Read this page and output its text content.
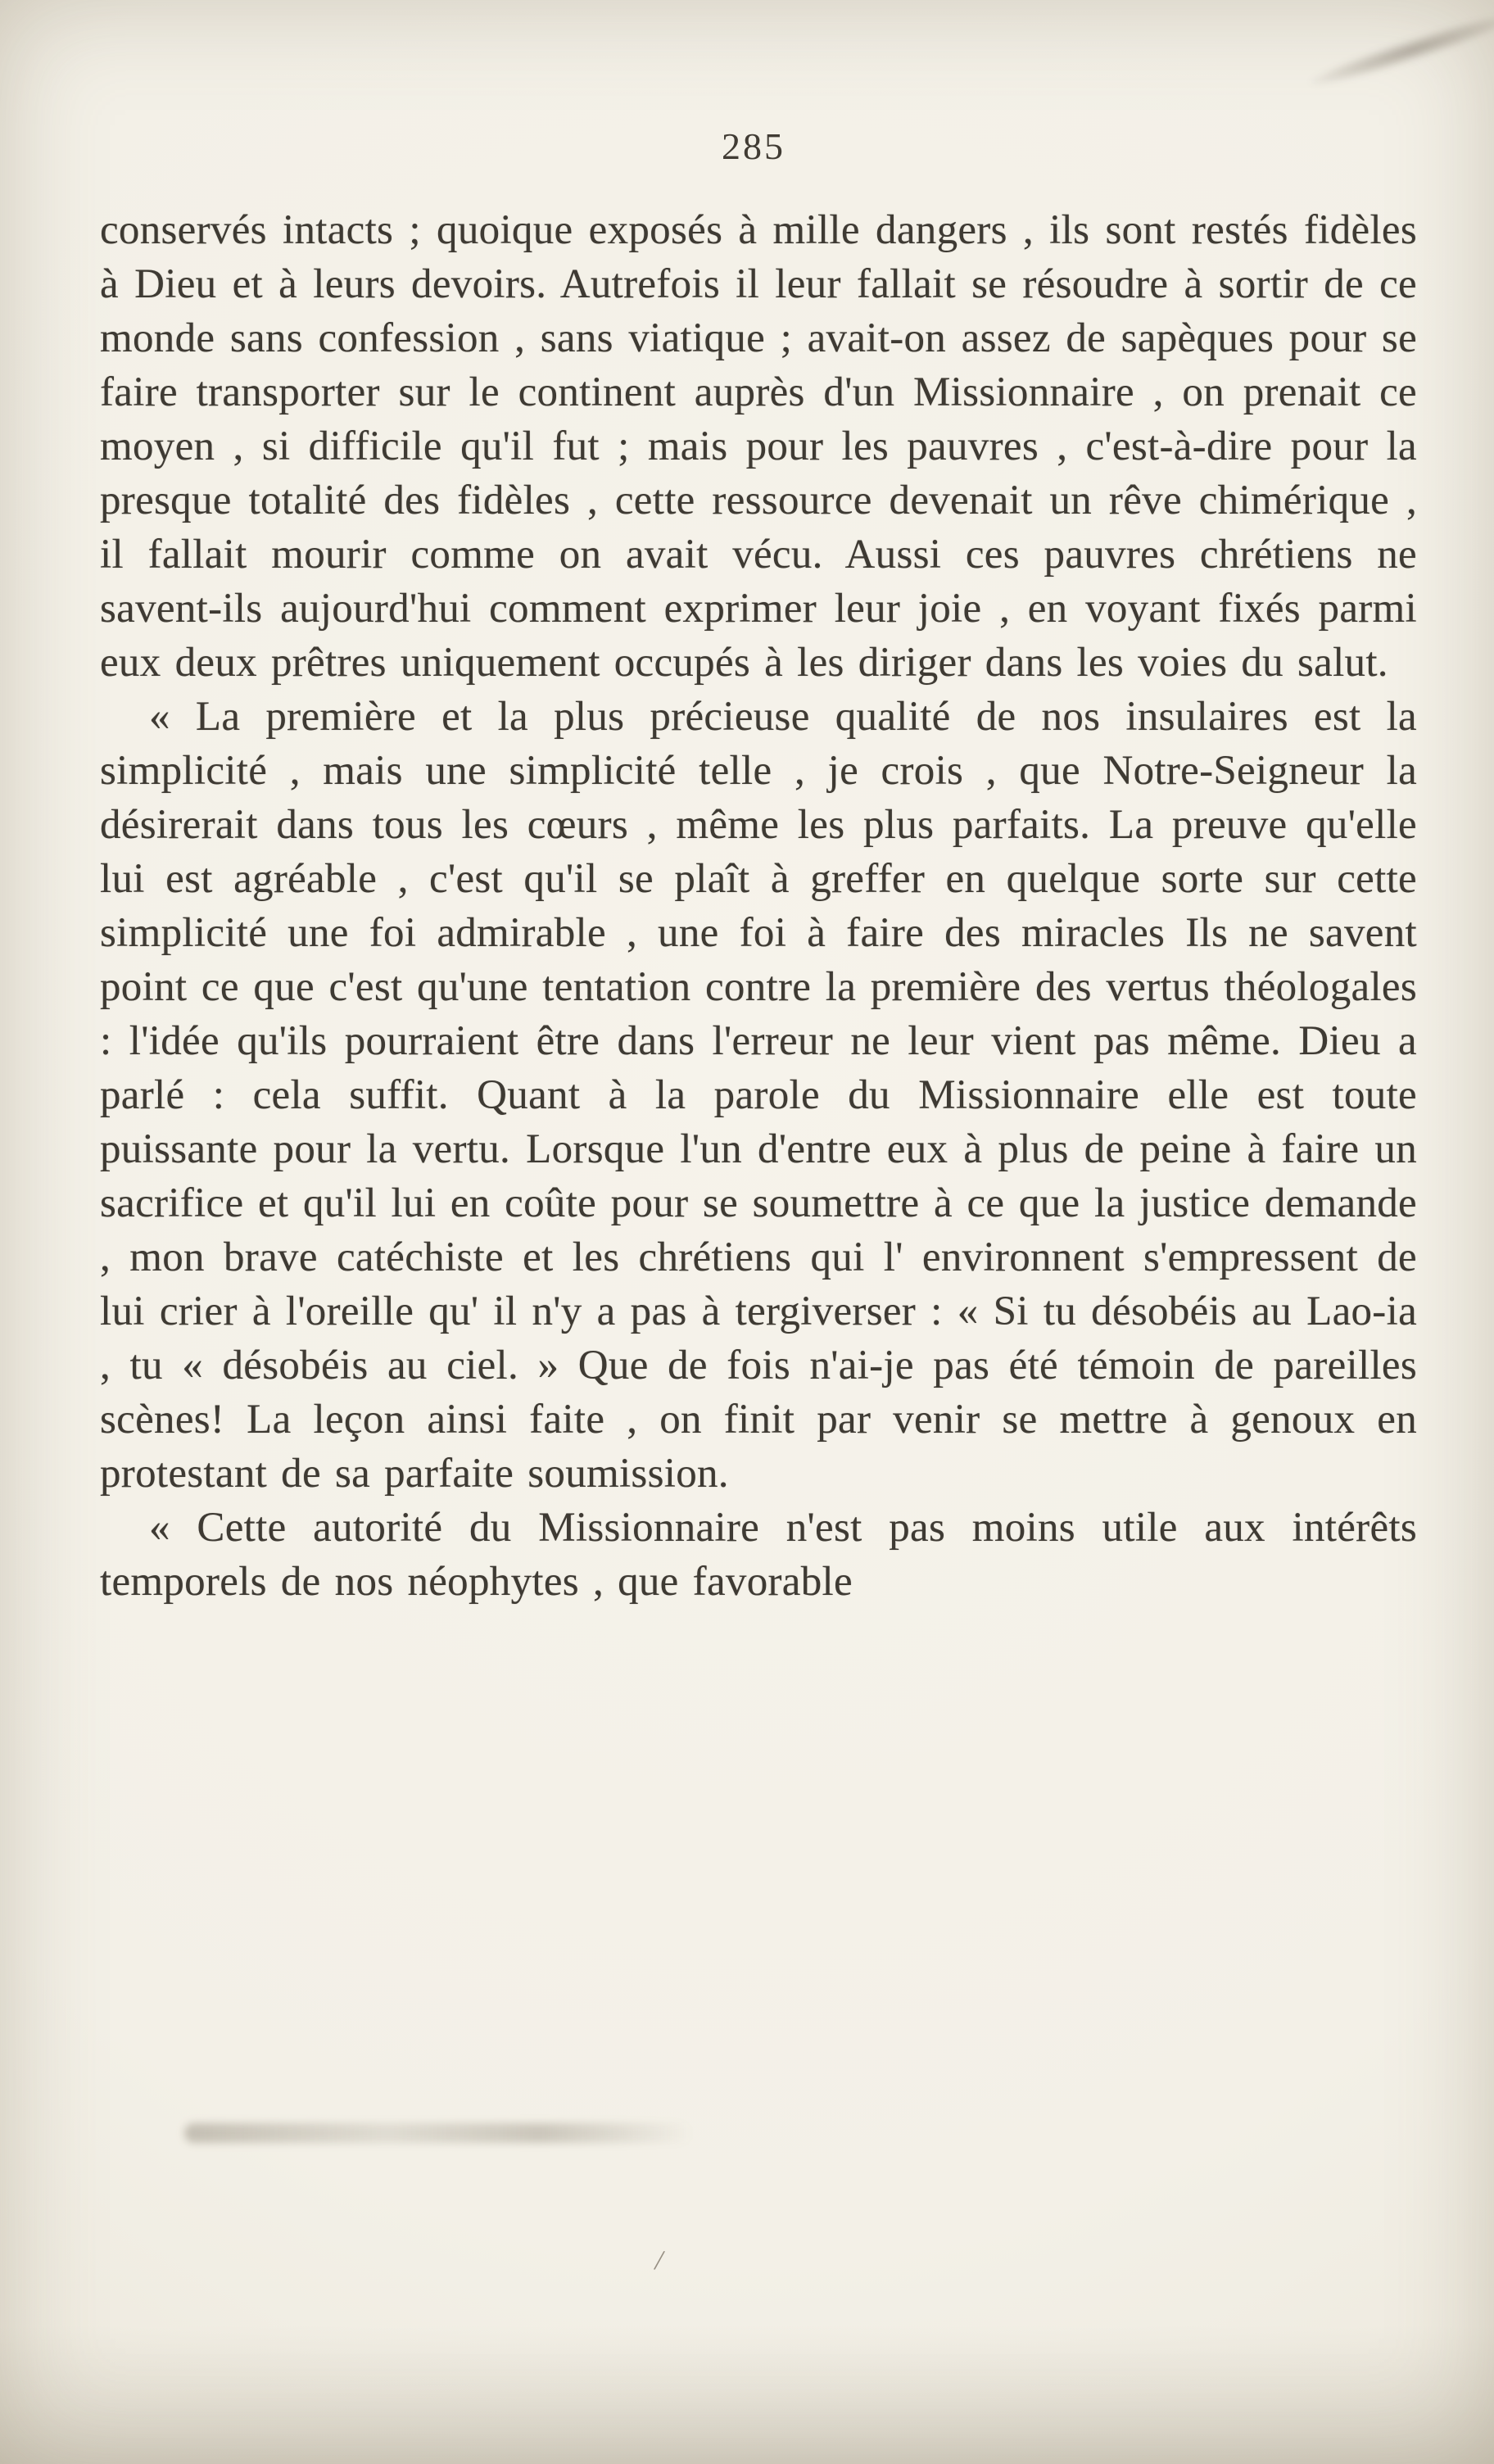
285

conservés intacts ; quoique exposés à mille dangers , ils sont restés fidèles à Dieu et à leurs devoirs. Autrefois il leur fallait se résoudre à sortir de ce monde sans confession , sans viatique ; avait-on assez de sapèques pour se faire transporter sur le continent auprès d'un Missionnaire , on prenait ce moyen , si difficile qu'il fut ; mais pour les pauvres , c'est-à-dire pour la presque totalité des fidèles , cette ressource devenait un rêve chimérique , il fallait mourir comme on avait vécu. Aussi ces pauvres chrétiens ne savent-ils aujourd'hui comment exprimer leur joie , en voyant fixés parmi eux deux prêtres uniquement occupés à les diriger dans les voies du salut.

« La première et la plus précieuse qualité de nos insulaires est la simplicité , mais une simplicité telle , je crois , que Notre-Seigneur la désirerait dans tous les cœurs , même les plus parfaits. La preuve qu'elle lui est agréable , c'est qu'il se plaît à greffer en quelque sorte sur cette simplicité une foi admirable , une foi à faire des miracles Ils ne savent point ce que c'est qu'une tentation contre la première des vertus théologales : l'idée qu'ils pourraient être dans l'erreur ne leur vient pas même. Dieu a parlé : cela suffit. Quant à la parole du Missionnaire elle est toute puissante pour la vertu. Lorsque l'un d'entre eux à plus de peine à faire un sacrifice et qu'il lui en coûte pour se soumettre à ce que la justice demande , mon brave catéchiste et les chrétiens qui l' environnent s'empressent de lui crier à l'oreille qu' il n'y a pas à tergiverser : « Si tu désobéis au Lao-ia , tu « désobéis au ciel. » Que de fois n'ai-je pas été témoin de pareilles scènes! La leçon ainsi faite , on finit par venir se mettre à genoux en protestant de sa parfaite soumission.

« Cette autorité du Missionnaire n'est pas moins utile aux intérêts temporels de nos néophytes , que favorable

/
